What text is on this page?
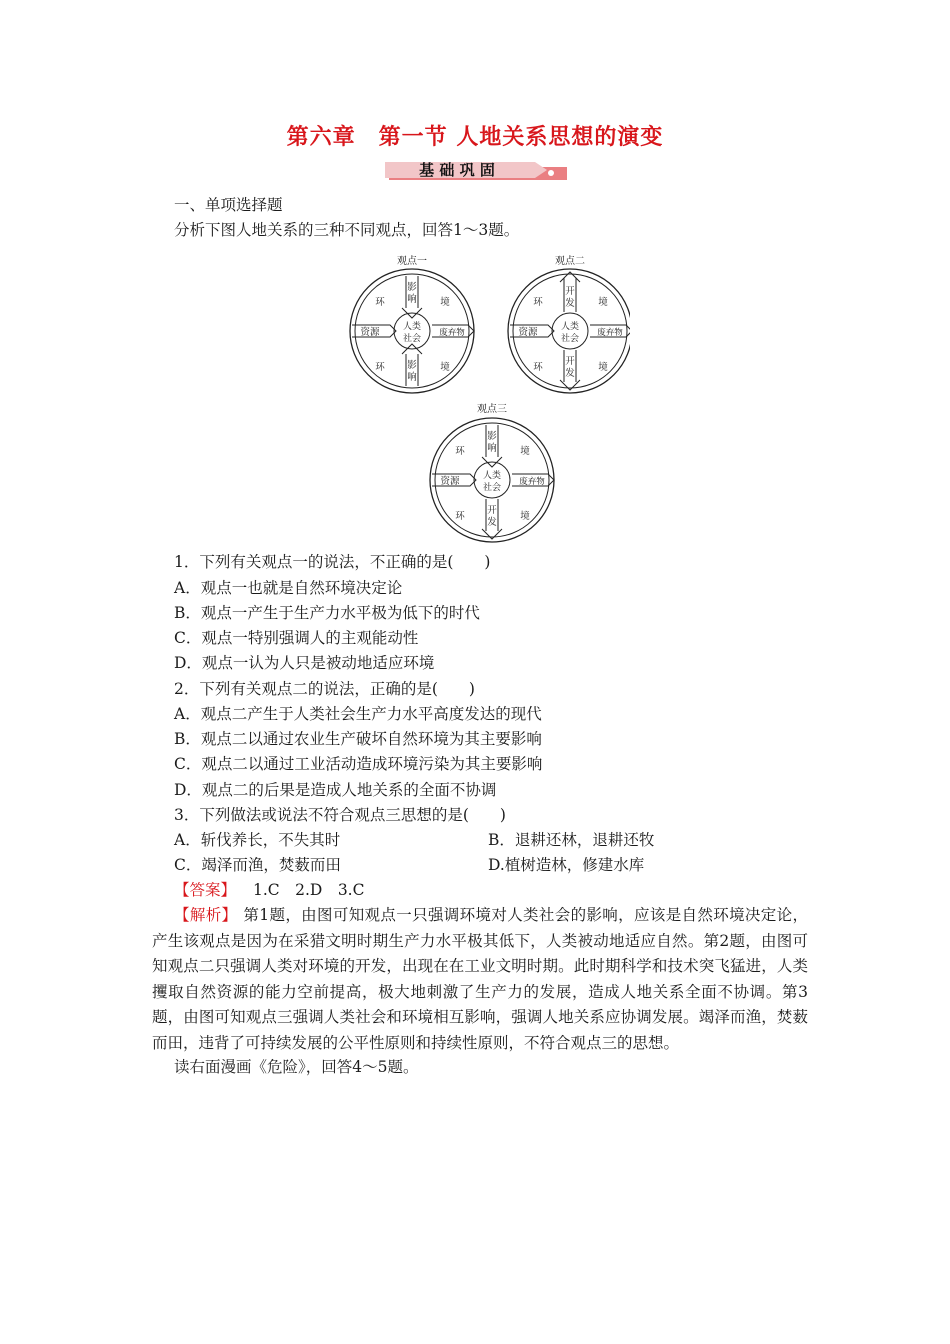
第六章　第一节 人地关系思想的演变
基 础 巩 固
一、单项选择题
分析下图人地关系的三种不同观点，回答1～3题。
观点一
影
响
影
响
环	境
环	境
资源	废弃物
人类
社会
观点二
开
发
开
发
环	境
环	境
资源	废弃物
人类
社会
观点三
影
响
开
发
环	境
环	境
资源	废弃物
人类
社会
1．下列有关观点一的说法，不正确的是(　　)
A．观点一也就是自然环境决定论
B．观点一产生于生产力水平极为低下的时代
C．观点一特别强调人的主观能动性
D．观点一认为人只是被动地适应环境
2．下列有关观点二的说法，正确的是(　　)
A．观点二产生于人类社会生产力水平高度发达的现代
B．观点二以通过农业生产破坏自然环境为其主要影响
C．观点二以通过工业活动造成环境污染为其主要影响
D．观点二的后果是造成人地关系的全面不协调
3．下列做法或说法不符合观点三思想的是(　　)
A．斩伐养长，不失其时	B．退耕还林，退耕还牧
C．竭泽而渔，焚薮而田	D.植树造林，修建水库
【答案】 1.C　2.D　3.C
【解析】 第1题，由图可知观点一只强调环境对人类社会的影响，应该是自然环境决定论，产生该观点是因为在采猎文明时期生产力水平极其低下，人类被动地适应自然。第2题，由图可知观点二只强调人类对环境的开发，出现在在工业文明时期。此时期科学和技术突飞猛进，人类攫取自然资源的能力空前提高，极大地刺激了生产力的发展，造成人地关系全面不协调。第3题，由图可知观点三强调人类社会和环境相互影响，强调人地关系应协调发展。竭泽而渔，焚薮而田，违背了可持续发展的公平性原则和持续性原则，不符合观点三的思想。
读右面漫画《危险》，回答4～5题。
